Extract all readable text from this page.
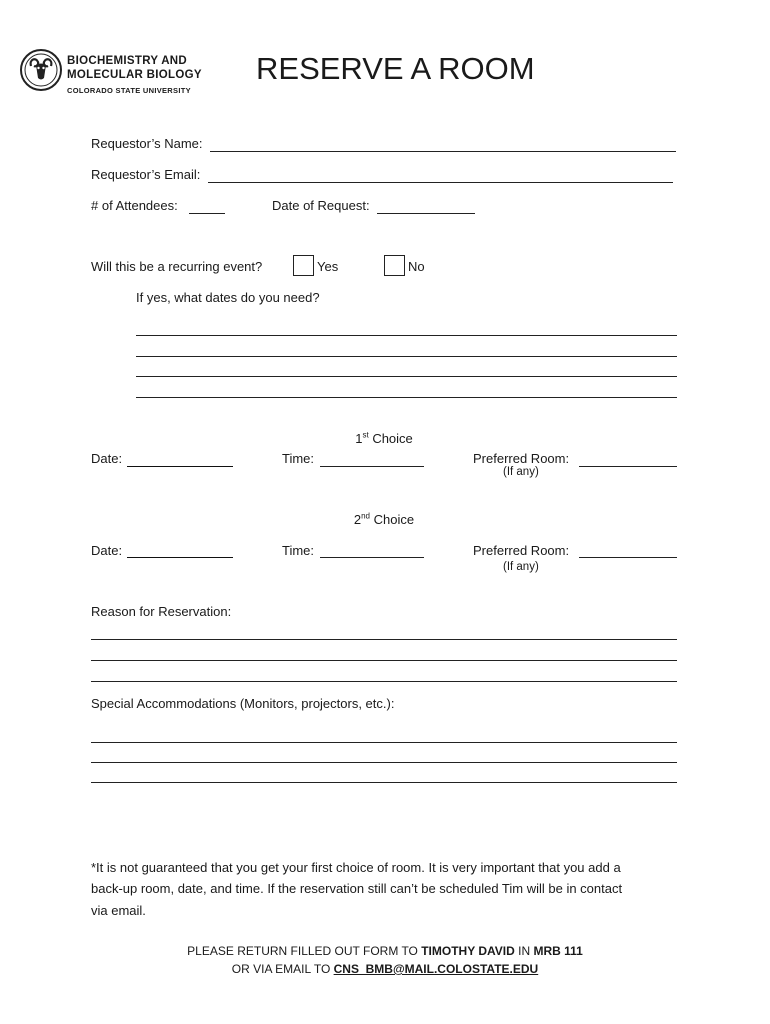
BIOCHEMISTRY AND
MOLECULAR BIOLOGY
COLORADO STATE UNIVERSITY
RESERVE A ROOM
Requestor’s Name:
Requestor’s Email:
# of Attendees:	Date of Request:
Will this be a recurring event?	Yes	No
If yes, what dates do you need?
1st Choice
Date:	Time:	Preferred Room:
(If any)
2nd Choice
Date:	Time:	Preferred Room:
(If any)
Reason for Reservation:
Special Accommodations (Monitors, projectors, etc.):
*It is not guaranteed that you get your first choice of room. It is very important that you add a
back-up room, date, and time. If the reservation still can’t be scheduled Tim will be in contact
via email.
PLEASE RETURN FILLED OUT FORM TO TIMOTHY DAVID IN MRB 111
OR VIA EMAIL TO CNS_BMB@MAIL.COLOSTATE.EDU
